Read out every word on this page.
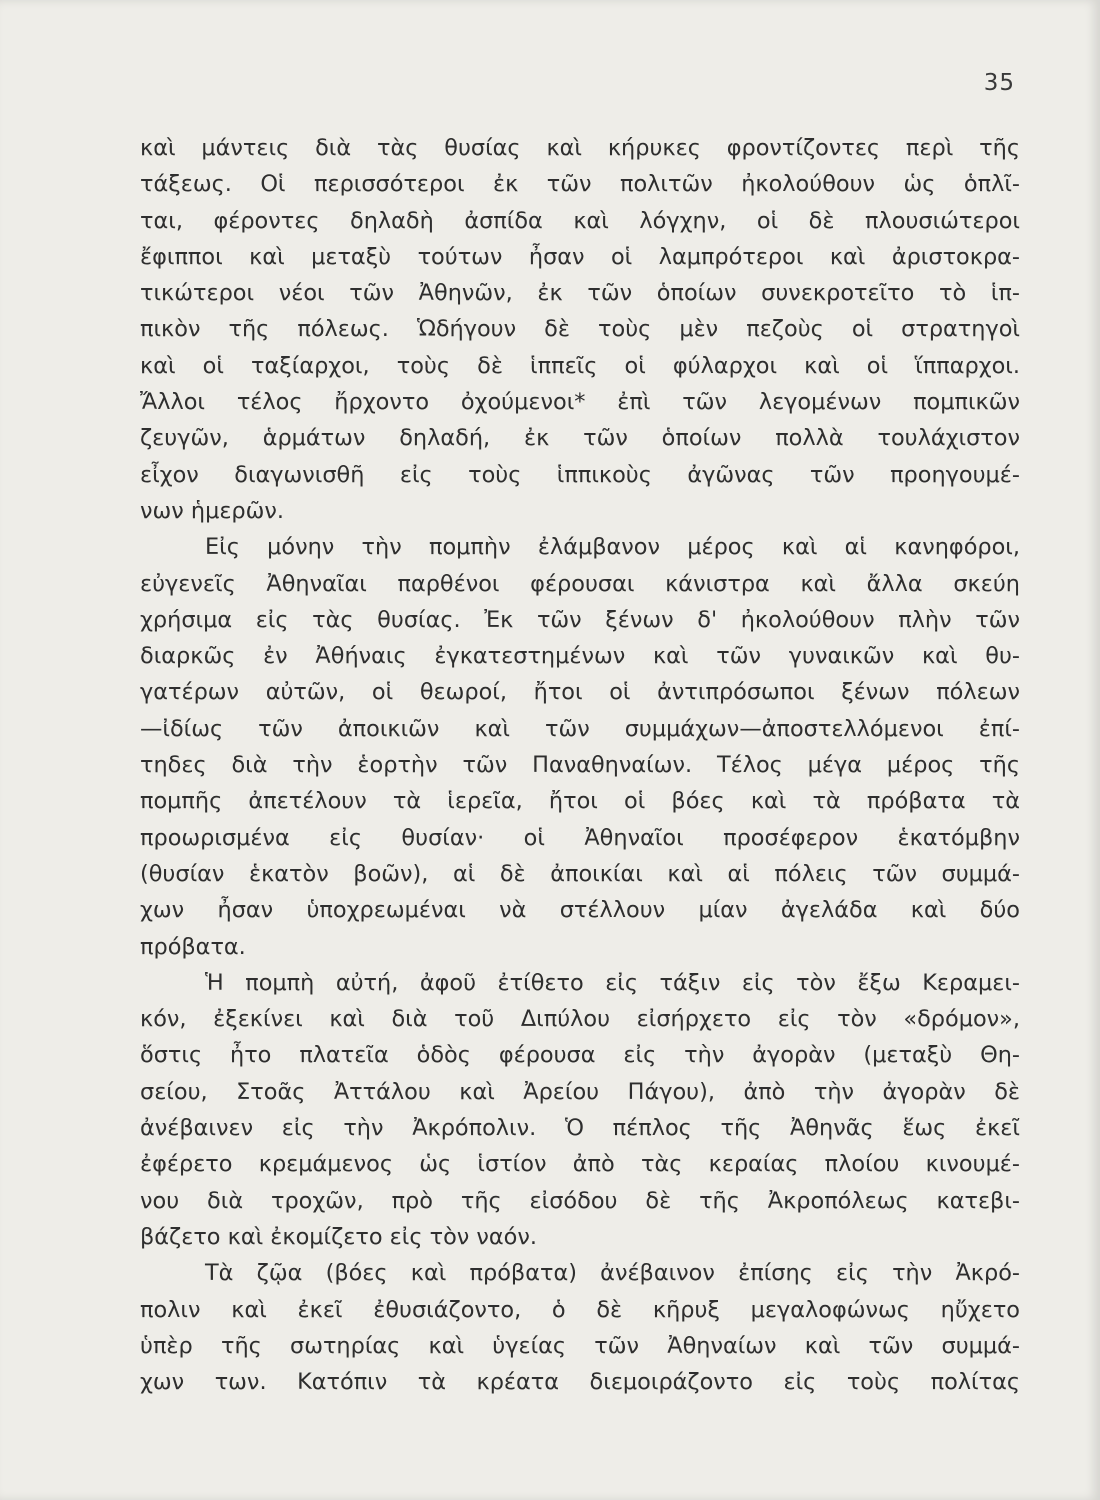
35
καὶ μάντεις διὰ τὰς θυσίας καὶ κήρυκες φροντίζοντες περὶ τῆς
τάξεως. Οἱ περισσότεροι ἐκ τῶν πολιτῶν ἠκολούθουν ὡς ὁπλῖ-
ται, φέροντες δηλαδὴ ἀσπίδα καὶ λόγχην, οἱ δὲ πλουσιώτεροι
ἔφιπποι καὶ μεταξὺ τούτων ἦσαν οἱ λαμπρότεροι καὶ ἀριστοκρα-
τικώτεροι νέοι τῶν Ἀθηνῶν, ἐκ τῶν ὁποίων συνεκροτεῖτο τὸ ἱπ-
πικὸν τῆς πόλεως. Ὡδήγουν δὲ τοὺς μὲν πεζοὺς οἱ στρατηγοὶ
καὶ οἱ ταξίαρχοι, τοὺς δὲ ἱππεῖς οἱ φύλαρχοι καὶ οἱ ἵππαρχοι.
Ἄλλοι τέλος ἤρχοντο ὀχούμενοι* ἐπὶ τῶν λεγομένων πομπικῶν
ζευγῶν, ἁρμάτων δηλαδή, ἐκ τῶν ὁποίων πολλὰ τουλάχιστον
εἶχον διαγωνισθῆ εἰς τοὺς ἱππικοὺς ἀγῶνας τῶν προηγουμέ-
νων ἡμερῶν.
Εἰς μόνην τὴν πομπὴν ἐλάμβανον μέρος καὶ αἱ κανηφόροι,
εὐγενεῖς Ἀθηναῖαι παρθένοι φέρουσαι κάνιστρα καὶ ἄλλα σκεύη
χρήσιμα εἰς τὰς θυσίας. Ἐκ τῶν ξένων δ' ἠκολούθουν πλὴν τῶν
διαρκῶς ἐν Ἀθήναις ἐγκατεστημένων καὶ τῶν γυναικῶν καὶ θυ-
γατέρων αὐτῶν, οἱ θεωροί, ἤτοι οἱ ἀντιπρόσωποι ξένων πόλεων
—ἰδίως τῶν ἀποικιῶν καὶ τῶν συμμάχων—ἀποστελλόμενοι ἐπί-
τηδες διὰ τὴν ἑορτὴν τῶν Παναθηναίων. Τέλος μέγα μέρος τῆς
πομπῆς ἀπετέλουν τὰ ἱερεῖα, ἤτοι οἱ βόες καὶ τὰ πρόβατα τὰ
προωρισμένα εἰς θυσίαν· οἱ Ἀθηναῖοι προσέφερον ἑκατόμβην
(θυσίαν ἑκατὸν βοῶν), αἱ δὲ ἀποικίαι καὶ αἱ πόλεις τῶν συμμά-
χων ἦσαν ὑποχρεωμέναι νὰ στέλλουν μίαν ἀγελάδα καὶ δύο
πρόβατα.
Ἡ πομπὴ αὐτή, ἀφοῦ ἐτίθετο εἰς τάξιν εἰς τὸν ἔξω Κεραμει-
κόν, ἐξεκίνει καὶ διὰ τοῦ Διπύλου εἰσήρχετο εἰς τὸν «δρόμον»,
ὅστις ἦτο πλατεῖα ὁδὸς φέρουσα εἰς τὴν ἀγορὰν (μεταξὺ Θη-
σείου, Στοᾶς Ἀττάλου καὶ Ἀρείου Πάγου), ἀπὸ τὴν ἀγορὰν δὲ
ἀνέβαινεν εἰς τὴν Ἀκρόπολιν. Ὁ πέπλος τῆς Ἀθηνᾶς ἕως ἐκεῖ
ἐφέρετο κρεμάμενος ὡς ἱστίον ἀπὸ τὰς κεραίας πλοίου κινουμέ-
νου διὰ τροχῶν, πρὸ τῆς εἰσόδου δὲ τῆς Ἀκροπόλεως κατεβι-
βάζετο καὶ ἐκομίζετο εἰς τὸν ναόν.
Τὰ ζῷα (βόες καὶ πρόβατα) ἀνέβαινον ἐπίσης εἰς τὴν Ἀκρό-
πολιν καὶ ἐκεῖ ἐθυσιάζοντο, ὁ δὲ κῆρυξ μεγαλοφώνως ηὔχετο
ὑπὲρ τῆς σωτηρίας καὶ ὑγείας τῶν Ἀθηναίων καὶ τῶν συμμά-
χων των. Κατόπιν τὰ κρέατα διεμοιράζοντο εἰς τοὺς πολίτας
